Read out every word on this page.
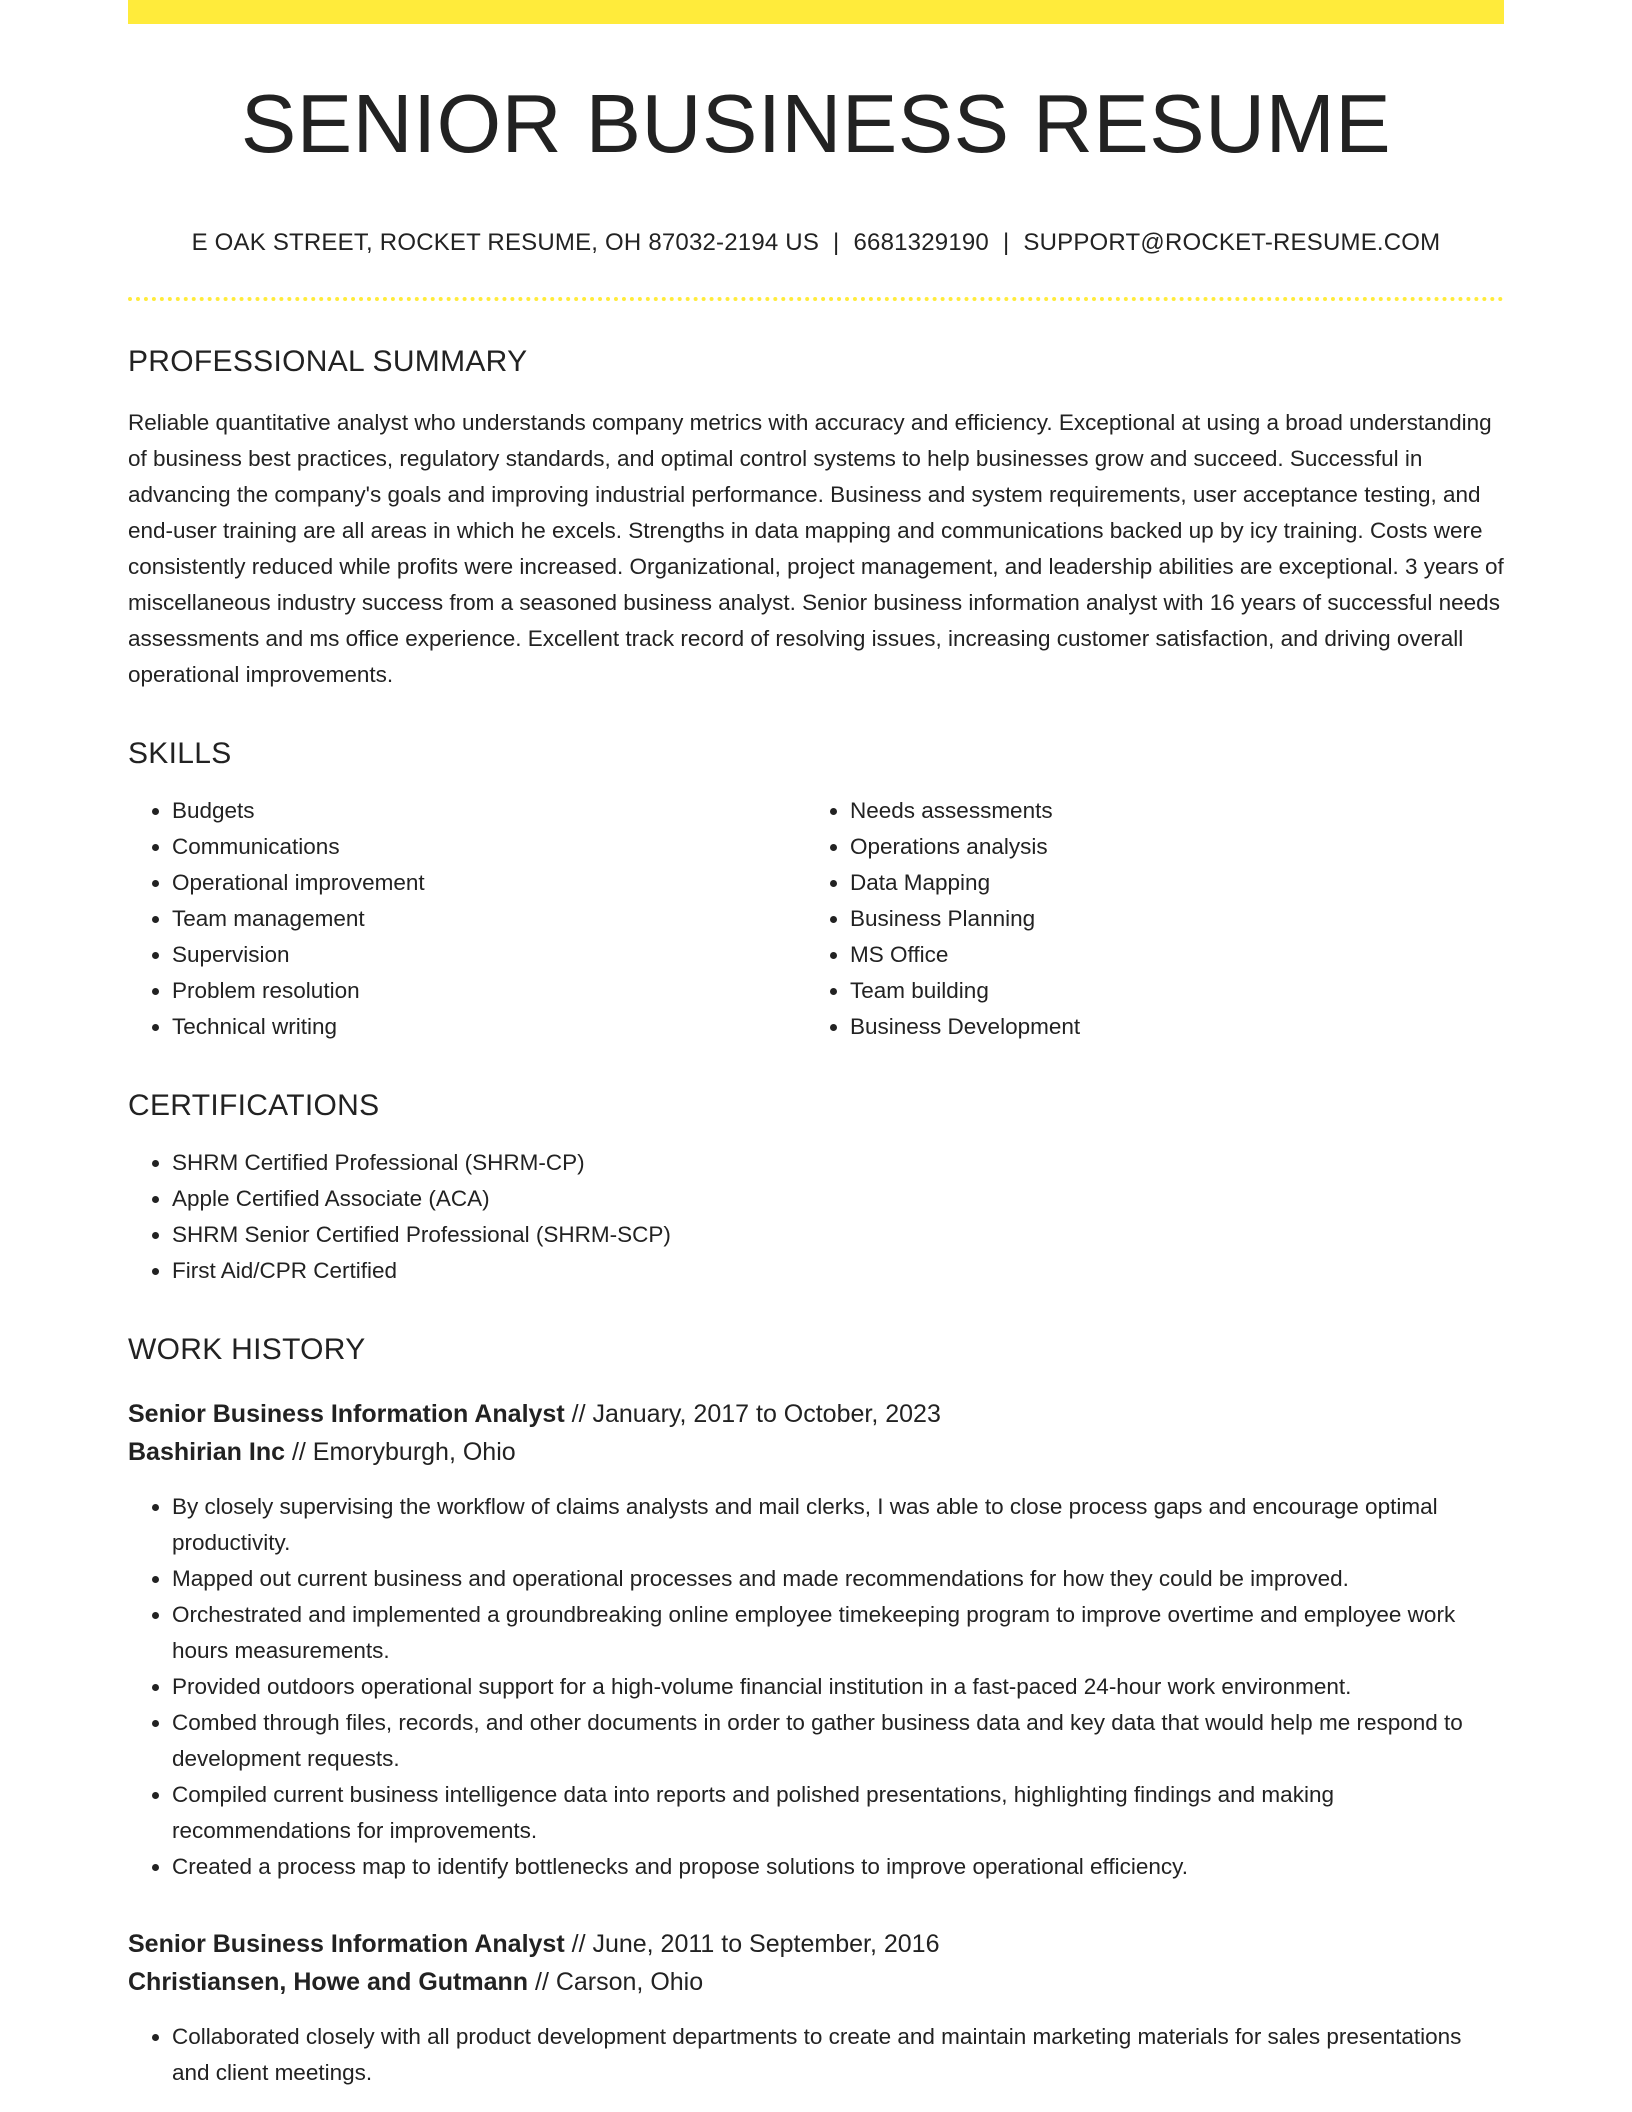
SENIOR BUSINESS RESUME
E OAK STREET, ROCKET RESUME, OH 87032-2194 US | 6681329190 | SUPPORT@ROCKET-RESUME.COM
PROFESSIONAL SUMMARY
Reliable quantitative analyst who understands company metrics with accuracy and efficiency. Exceptional at using a broad understanding of business best practices, regulatory standards, and optimal control systems to help businesses grow and succeed. Successful in advancing the company's goals and improving industrial performance. Business and system requirements, user acceptance testing, and end-user training are all areas in which he excels. Strengths in data mapping and communications backed up by icy training. Costs were consistently reduced while profits were increased. Organizational, project management, and leadership abilities are exceptional. 3 years of miscellaneous industry success from a seasoned business analyst. Senior business information analyst with 16 years of successful needs assessments and ms office experience. Excellent track record of resolving issues, increasing customer satisfaction, and driving overall operational improvements.
SKILLS
• Budgets
• Communications
• Operational improvement
• Team management
• Supervision
• Problem resolution
• Technical writing
• Needs assessments
• Operations analysis
• Data Mapping
• Business Planning
• MS Office
• Team building
• Business Development
CERTIFICATIONS
• SHRM Certified Professional (SHRM-CP)
• Apple Certified Associate (ACA)
• SHRM Senior Certified Professional (SHRM-SCP)
• First Aid/CPR Certified
WORK HISTORY
Senior Business Information Analyst // January, 2017 to October, 2023
Bashirian Inc // Emoryburgh, Ohio
• By closely supervising the workflow of claims analysts and mail clerks, I was able to close process gaps and encourage optimal productivity.
• Mapped out current business and operational processes and made recommendations for how they could be improved.
• Orchestrated and implemented a groundbreaking online employee timekeeping program to improve overtime and employee work hours measurements.
• Provided outdoors operational support for a high-volume financial institution in a fast-paced 24-hour work environment.
• Combed through files, records, and other documents in order to gather business data and key data that would help me respond to development requests.
• Compiled current business intelligence data into reports and polished presentations, highlighting findings and making recommendations for improvements.
• Created a process map to identify bottlenecks and propose solutions to improve operational efficiency.
Senior Business Information Analyst // June, 2011 to September, 2016
Christiansen, Howe and Gutmann // Carson, Ohio
• Collaborated closely with all product development departments to create and maintain marketing materials for sales presentations and client meetings.
